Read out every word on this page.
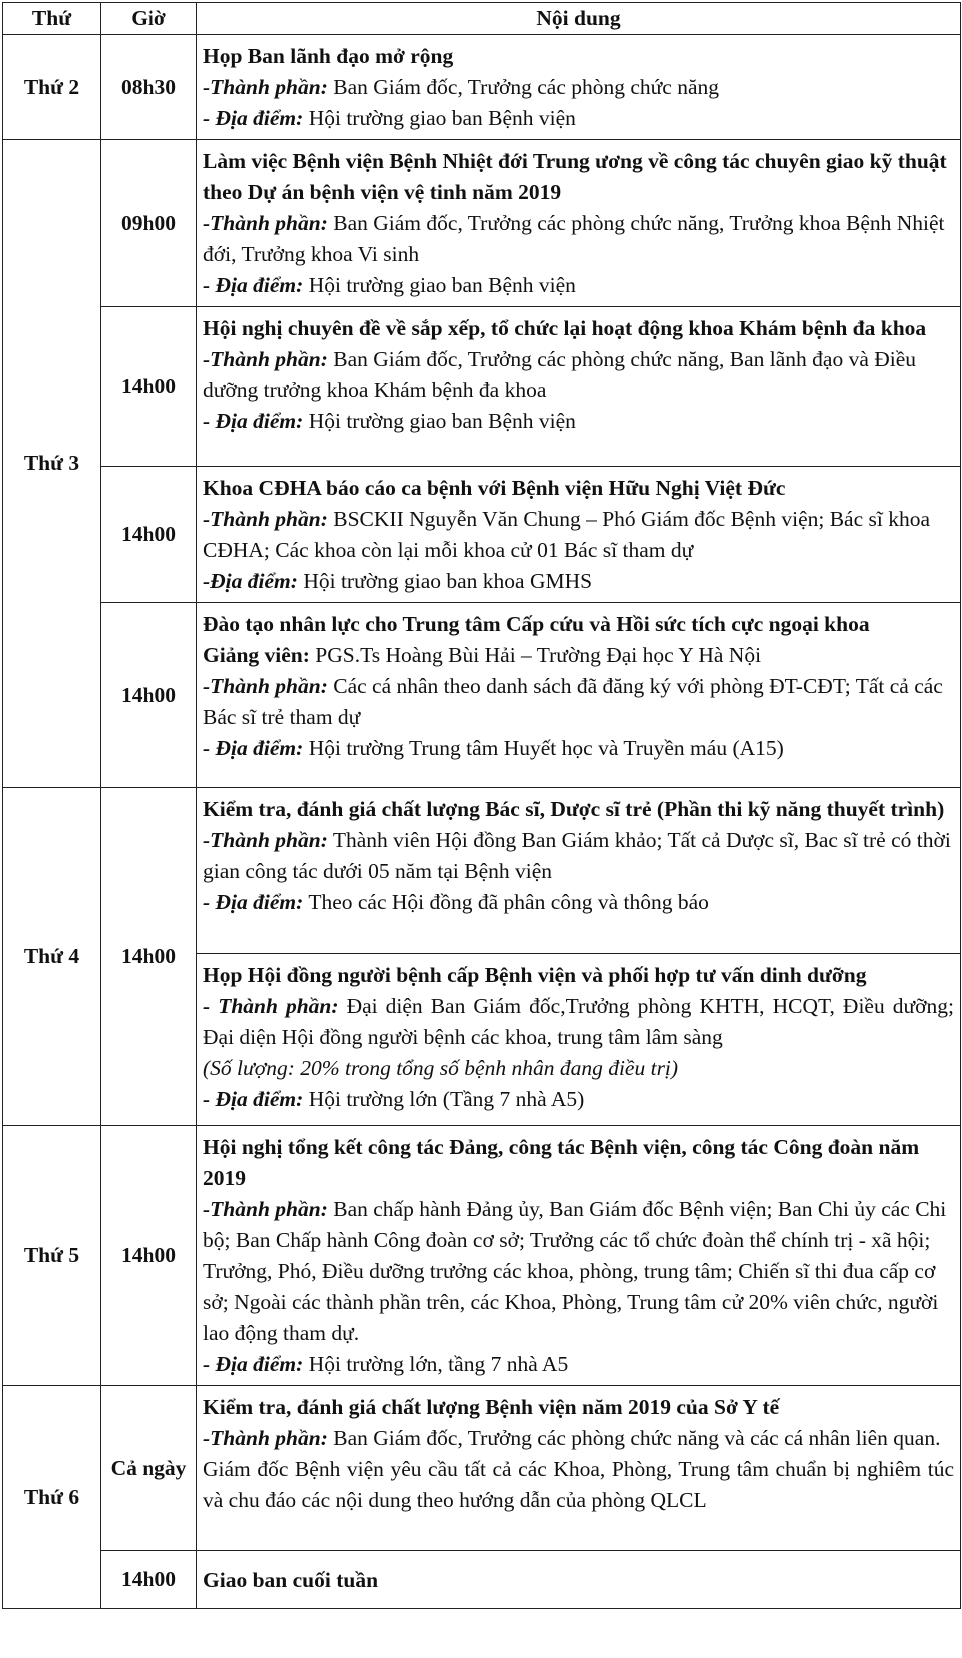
Thứ	Giờ	Nội dung
Thứ 2	08h30	Họp Ban lãnh đạo mở rộng
-Thành phần: Ban Giám đốc, Trưởng các phòng chức năng
- Địa điểm: Hội trường giao ban Bệnh viện

Thứ 3	09h00	Làm việc Bệnh viện Bệnh Nhiệt đới Trung ương về công tác chuyên giao kỹ thuật theo Dự án bệnh viện vệ tinh năm 2019
-Thành phần: Ban Giám đốc, Trưởng các phòng chức năng, Trưởng khoa Bệnh Nhiệt đới, Trưởng khoa Vi sinh
- Địa điểm: Hội trường giao ban Bệnh viện

	14h00	Hội nghị chuyên đề về sắp xếp, tổ chức lại hoạt động khoa Khám bệnh đa khoa
-Thành phần: Ban Giám đốc, Trưởng các phòng chức năng, Ban lãnh đạo và Điều dưỡng trưởng khoa Khám bệnh đa khoa
- Địa điểm: Hội trường giao ban Bệnh viện

	14h00	Khoa CĐHA báo cáo ca bệnh với Bệnh viện Hữu Nghị Việt Đức
-Thành phần: BSCKII Nguyễn Văn Chung – Phó Giám đốc Bệnh viện; Bác sĩ khoa CĐHA; Các khoa còn lại mỗi khoa cử 01 Bác sĩ tham dự
-Địa điểm: Hội trường giao ban khoa GMHS

	14h00	Đào tạo nhân lực cho Trung tâm Cấp cứu và Hồi sức tích cực ngoại khoa
Giảng viên: PGS.Ts Hoàng Bùi Hải – Trường Đại học Y Hà Nội
-Thành phần: Các cá nhân theo danh sách đã đăng ký với phòng ĐT-CĐT; Tất cả các Bác sĩ trẻ tham dự
- Địa điểm: Hội trường Trung tâm Huyết học và Truyền máu (A15)

Thứ 4	14h00	Kiểm tra, đánh giá chất lượng Bác sĩ, Dược sĩ trẻ (Phần thi kỹ năng thuyết trình)
-Thành phần: Thành viên Hội đồng Ban Giám khảo; Tất cả Dược sĩ, Bac sĩ trẻ có thời gian công tác dưới 05 năm tại Bệnh viện
- Địa điểm: Theo các Hội đồng đã phân công và thông báo

		Họp Hội đồng người bệnh cấp Bệnh viện và phối hợp tư vấn dinh dưỡng
- Thành phần: Đại diện Ban Giám đốc,Trưởng phòng KHTH, HCQT, Điều dưỡng; Đại diện Hội đồng người bệnh các khoa, trung tâm lâm sàng
(Số lượng: 20% trong tổng số bệnh nhân đang điều trị)
- Địa điểm: Hội trường lớn (Tầng 7 nhà A5)

Thứ 5	14h00	Hội nghị tổng kết công tác Đảng, công tác Bệnh viện, công tác Công đoàn năm 2019
-Thành phần: Ban chấp hành Đảng ủy, Ban Giám đốc Bệnh viện; Ban Chi ủy các Chi bộ; Ban Chấp hành Công đoàn cơ sở; Trưởng các tổ chức đoàn thể chính trị - xã hội; Trưởng, Phó, Điều dưỡng trưởng các khoa, phòng, trung tâm; Chiến sĩ thi đua cấp cơ sở; Ngoài các thành phần trên, các Khoa, Phòng, Trung tâm cử 20% viên chức, người lao động tham dự.
- Địa điểm: Hội trường lớn, tầng 7 nhà A5

Thứ 6	Cả ngày	Kiểm tra, đánh giá chất lượng Bệnh viện năm 2019 của Sở Y tế
-Thành phần: Ban Giám đốc, Trưởng các phòng chức năng và các cá nhân liên quan.
Giám đốc Bệnh viện yêu cầu tất cả các Khoa, Phòng, Trung tâm chuẩn bị nghiêm túc và chu đáo các nội dung theo hướng dẫn của phòng QLCL

	14h00	Giao ban cuối tuần
